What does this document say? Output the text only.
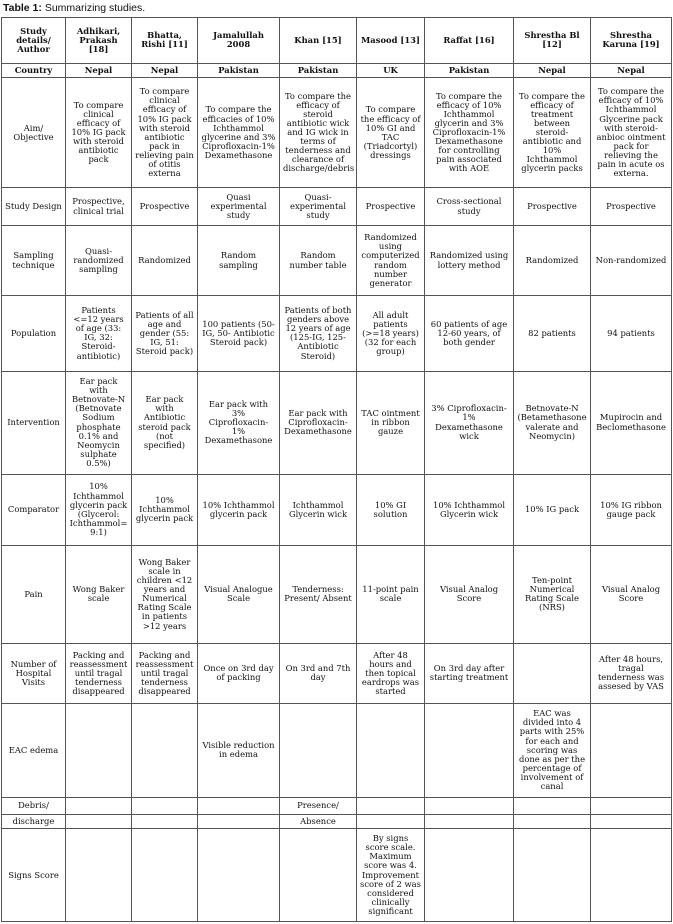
Table 1: Summarizing studies.
Study details/ Author	Adhikari, Prakash [18]	Bhatta, Rishi [11]	Jamalullah 2008	Khan [15]	Masood [13]	Raffat [16]	Shrestha Bl [12]	Shrestha Karuna [19]
Country	Nepal	Nepal	Pakistan	Pakistan	UK	Pakistan	Nepal	Nepal
Aim/ Objective	To compare clinical efficacy of 10% IG pack with steroid antibiotic pack	To compare clinical efficacy of 10% IG pack with steroid antibiotic pack in relieving pain of otitis externa	To compare the efficacies of 10% Ichthammol glycerine and 3% Ciprofloxacin-1% Dexamethasone	To compare the efficacy of steroid antibiotic wick and IG wick in terms of tenderness and clearance of discharge/debris	To compare the efficacy of 10% GI and TAC (Triadcortyl) dressings	To compare the efficacy of 10% Ichthammol glycerin and 3% Ciprofloxacin-1% Dexamethasone for controlling pain associated with AOE	To compare the efficacy of treatment between steroid-antibiotic and 10% Ichthammol glycerin packs	To compare the efficacy of 10% Ichthammol Glycerine pack with steroid-anbioc ointment pack for relieving the pain in acute os externa.
Study Design	Prospective, clinical trial	Prospective	Quasi experimental study	Quasi-experimental study	Prospective	Cross-sectional study	Prospective	Prospective
Sampling technique	Quasi-randomized sampling	Randomized	Random sampling	Random number table	Randomized using computerized random number generator	Randomized using lottery method	Randomized	Non-randomized
Population	Patients <=12 years of age (33: IG, 32: Steroid-antibiotic)	Patients of all age and gender (55: IG, 51: Steroid pack)	100 patients (50-IG, 50- Antibiotic Steroid pack)	Patients of both genders above 12 years of age (125-IG, 125- Antibiotic Steroid)	All adult patients (>=18 years) (32 for each group)	60 patients of age 12-60 years, of both gender	82 patients	94 patients
Intervention	Ear pack with Betnovate-N (Betnovate Sodium phosphate 0.1% and Neomycin sulphate 0.5%)	Ear pack with Antibiotic steroid pack (not specified)	Ear pack with 3% Ciprofloxacin- 1% Dexamethasone	Ear pack with Ciprofloxacin-Dexamethasone	TAC ointment in ribbon gauze	3% Ciprofloxacin-1% Dexamethasone wick	Betnovate-N (Betamethasone valerate and Neomycin)	Mupirocin and Beclomethasone
Comparator	10% Ichthammol glycerin pack (Glycerol: Ichthammol= 9:1)	10% Ichthammol glycerin pack	10% Ichthammol glycerin pack	Ichthammol Glycerin wick	10% GI solution	10% Ichthammol Glycerin wick	10% IG pack	10% IG ribbon gauge pack
Pain	Wong Baker scale	Wong Baker scale in children <12 years and Numerical Rating Scale in patients >12 years	Visual Analogue Scale	Tenderness: Present/ Absent	11-point pain scale	Visual Analog Score	Ten-point Numerical Rating Scale (NRS)	Visual Analog Score
Number of Hospital Visits	Packing and reassessment until tragal tenderness disappeared	Packing and reassessment until tragal tenderness disappeared	Once on 3rd day of packing	On 3rd and 7th day	After 48 hours and then topical eardrops was started	On 3rd day after starting treatment		After 48 hours, tragal tenderness was assesed by VAS
EAC edema			Visible reduction in edema				EAC was divided into 4 parts with 25% for each and scoring was done as per the percentage of involvement of canal	
Debris/				Presence/				
discharge				Absence				
Signs Score					By signs score scale. Maximum score was 4. Improvement score of 2 was considered clinically significant			
